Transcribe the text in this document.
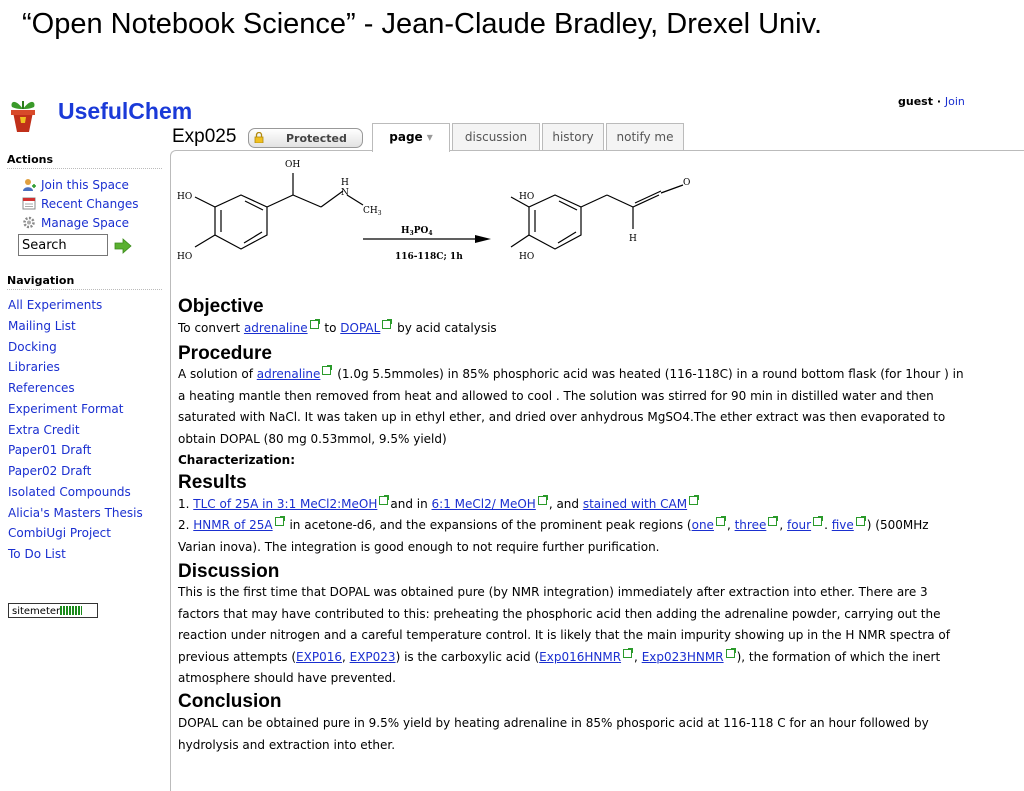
“Open Notebook Science” - Jean-Claude Bradley, Drexel Univ.
UsefulChem	guest · Join
Exp025	Protected	page ▾	discussion	history	notify me
Actions
Join this Space
Recent Changes
Manage Space
Search
Navigation
All Experiments
Mailing List
Docking
Libraries
References
Experiment Format
Extra Credit
Paper01 Draft
Paper02 Draft
Isolated Compounds
Alicia's Masters Thesis
CombiUgi Project
To Do List
sitemeter
OH
HO
HO
H
N
$CH_3$
$H_3PO_4$
116-118C; 1h
HO
HO
O
H
Objective
To convert adrenaline to DOPAL by acid catalysis
Procedure
A solution of adrenaline (1.0g 5.5mmoles) in 85% phosphoric acid was heated (116-118C) in a round bottom flask (for 1hour ) in a heating mantle then removed from heat and allowed to cool . The solution was stirred for 90 min in distilled water and then saturated with NaCl. It was taken up in ethyl ether, and dried over anhydrous MgSO4.The ether extract was then evaporated to obtain DOPAL (80 mg 0.53mmol, 9.5% yield)
Characterization:
Results
1. TLC of 25A in 3:1 MeCl2:MeOH and in 6:1 MeCl2/ MeOH , and stained with CAM
2. HNMR of 25A in acetone-d6, and the expansions of the prominent peak regions (one , three , four . five ) (500MHz
Varian inova). The integration is good enough to not require further purification.
Discussion
This is the first time that DOPAL was obtained pure (by NMR integration) immediately after extraction into ether. There are 3 factors that may have contributed to this: preheating the phosphoric acid then adding the adrenaline powder, carrying out the reaction under nitrogen and a careful temperature control. It is likely that the main impurity showing up in the H NMR spectra of previous attempts (EXP016, EXP023) is the carboxylic acid (Exp016HNMR , Exp023HNMR ), the formation of which the inert atmosphere should have prevented.
Conclusion
DOPAL can be obtained pure in 9.5% yield by heating adrenaline in 85% phosporic acid at 116-118 C for an hour followed by hydrolysis and extraction into ether.
